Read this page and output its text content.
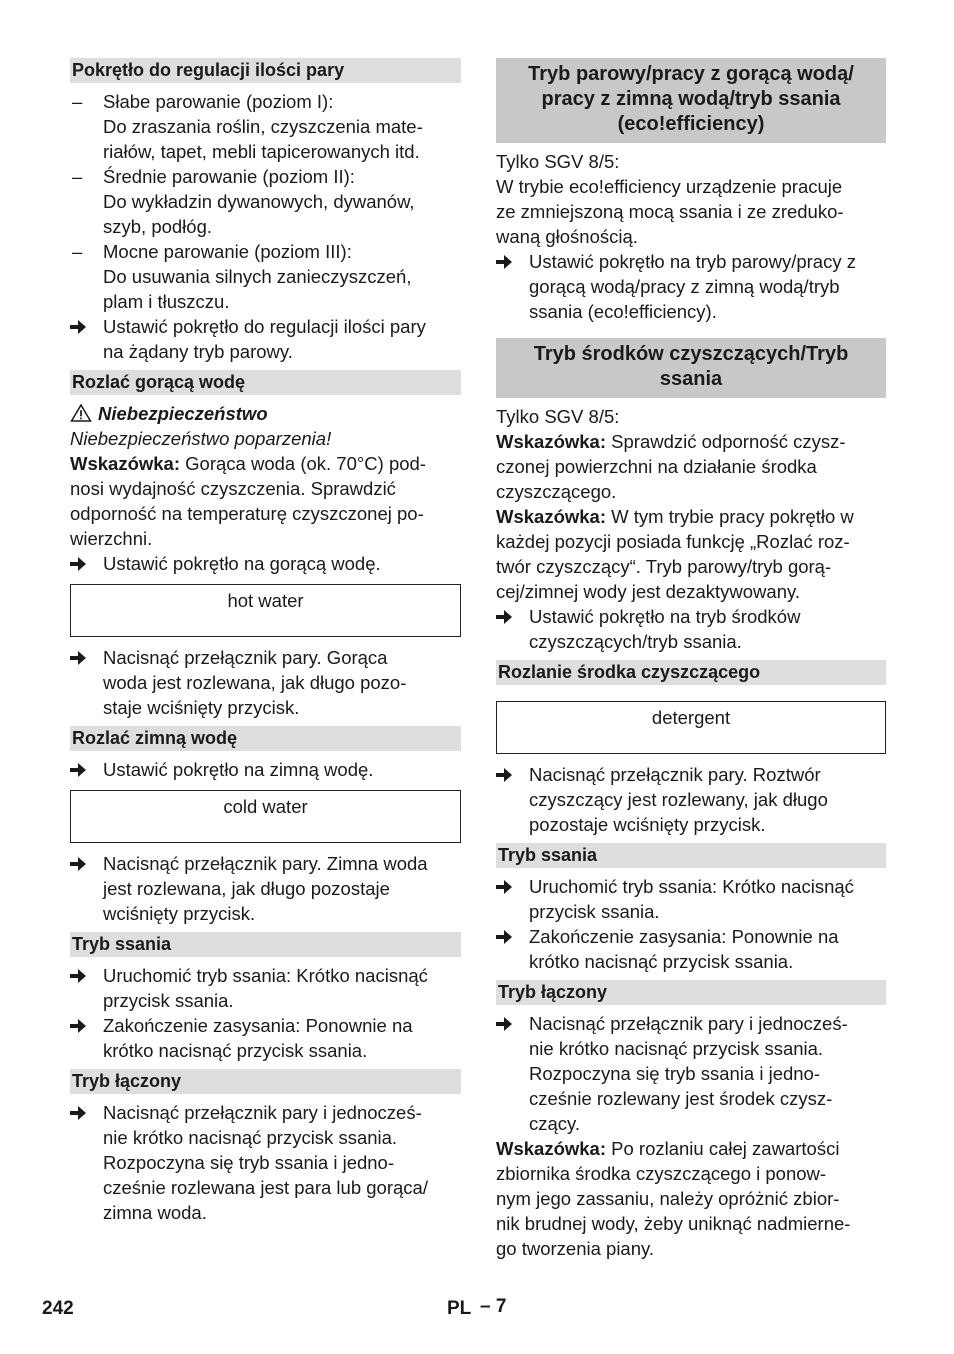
Pokrętło do regulacji ilości pary
–	Słabe parowanie (poziom I):
Do zraszania roślin, czyszczenia mate-
riałów, tapet, mebli tapicerowanych itd.
–	Średnie parowanie (poziom II):
Do wykładzin dywanowych, dywanów,
szyb, podłóg.
–	Mocne parowanie (poziom III):
Do usuwania silnych zanieczyszczeń,
plam i tłuszczu.
Ustawić pokrętło do regulacji ilości pary
na żądany tryb parowy.
Rozlać gorącą wodę
Niebezpieczeństwo
Niebezpieczeństwo poparzenia!
Wskazówka: Gorąca woda (ok. 70°C) pod-
nosi wydajność czyszczenia. Sprawdzić
odporność na temperaturę czyszczonej po-
wierzchni.
Ustawić pokrętło na gorącą wodę.
hot water
Nacisnąć przełącznik pary. Gorąca
woda jest rozlewana, jak długo pozo-
staje wciśnięty przycisk.
Rozlać zimną wodę
Ustawić pokrętło na zimną wodę.
cold water
Nacisnąć przełącznik pary. Zimna woda
jest rozlewana, jak długo pozostaje
wciśnięty przycisk.
Tryb ssania
Uruchomić tryb ssania: Krótko nacisnąć
przycisk ssania.
Zakończenie zasysania: Ponownie na
krótko nacisnąć przycisk ssania.
Tryb łączony
Nacisnąć przełącznik pary i jednocześ-
nie krótko nacisnąć przycisk ssania.
Rozpoczyna się tryb ssania i jedno-
cześnie rozlewana jest para lub gorąca/
zimna woda.
Tryb parowy/pracy z gorącą wodą/
pracy z zimną wodą/tryb ssania
(eco!efficiency)
Tylko SGV 8/5:
W trybie eco!efficiency urządzenie pracuje
ze zmniejszoną mocą ssania i ze zreduko-
waną głośnością.
Ustawić pokrętło na tryb parowy/pracy z
gorącą wodą/pracy z zimną wodą/tryb
ssania (eco!efficiency).
Tryb środków czyszczących/Tryb
ssania
Tylko SGV 8/5:
Wskazówka: Sprawdzić odporność czysz-
czonej powierzchni na działanie środka
czyszczącego.
Wskazówka: W tym trybie pracy pokrętło w
każdej pozycji posiada funkcję „Rozlać roz-
twór czyszczący“. Tryb parowy/tryb gorą-
cej/zimnej wody jest dezaktywowany.
Ustawić pokrętło na tryb środków
czyszczących/tryb ssania.
Rozlanie środka czyszczącego
detergent
Nacisnąć przełącznik pary. Roztwór
czyszczący jest rozlewany, jak długo
pozostaje wciśnięty przycisk.
Tryb ssania
Uruchomić tryb ssania: Krótko nacisnąć
przycisk ssania.
Zakończenie zasysania: Ponownie na
krótko nacisnąć przycisk ssania.
Tryb łączony
Nacisnąć przełącznik pary i jednocześ-
nie krótko nacisnąć przycisk ssania.
Rozpoczyna się tryb ssania i jedno-
cześnie rozlewany jest środek czysz-
czący.
Wskazówka: Po rozlaniu całej zawartości
zbiornika środka czyszczącego i ponow-
nym jego zassaniu, należy opróżnić zbior-
nik brudnej wody, żeby uniknąć nadmierne-
go tworzenia piany.
242	PL – 7
